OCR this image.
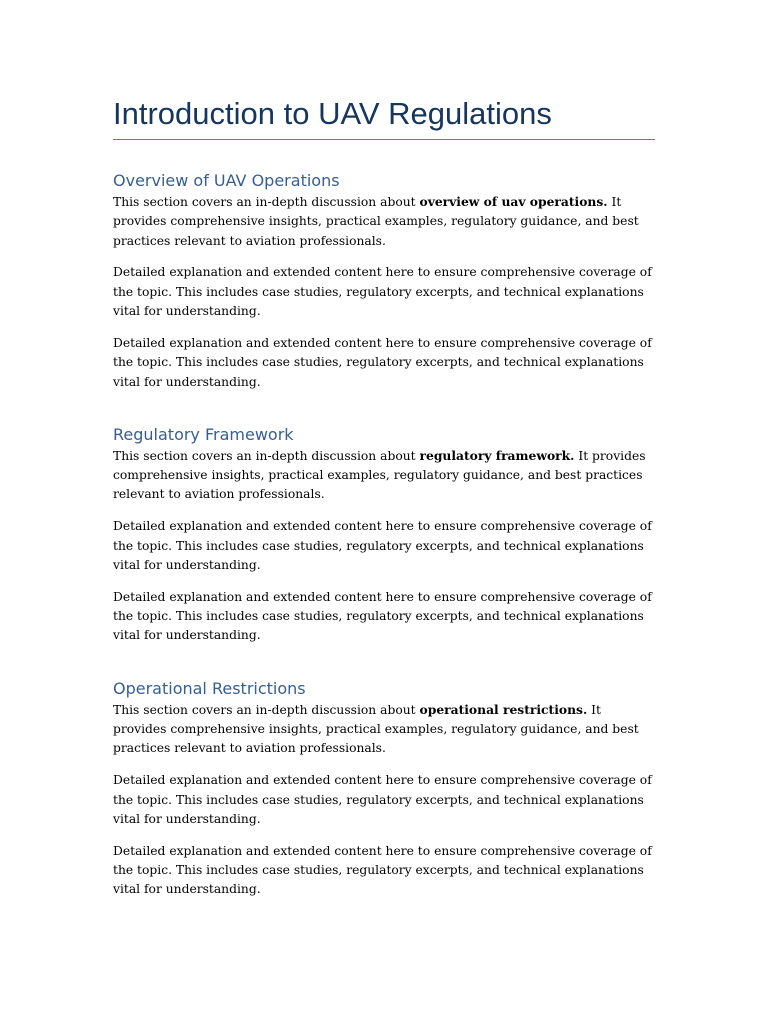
Introduction to UAV Regulations
Overview of UAV Operations

This section covers an in-depth discussion about overview of uav operations. It provides comprehensive insights, practical examples, regulatory guidance, and best practices relevant to aviation professionals.

Detailed explanation and extended content here to ensure comprehensive coverage of the topic. This includes case studies, regulatory excerpts, and technical explanations vital for understanding.

Detailed explanation and extended content here to ensure comprehensive coverage of the topic. This includes case studies, regulatory excerpts, and technical explanations vital for understanding.

Regulatory Framework

This section covers an in-depth discussion about regulatory framework. It provides comprehensive insights, practical examples, regulatory guidance, and best practices relevant to aviation professionals.

Detailed explanation and extended content here to ensure comprehensive coverage of the topic. This includes case studies, regulatory excerpts, and technical explanations vital for understanding.

Detailed explanation and extended content here to ensure comprehensive coverage of the topic. This includes case studies, regulatory excerpts, and technical explanations vital for understanding.

Operational Restrictions

This section covers an in-depth discussion about operational restrictions. It provides comprehensive insights, practical examples, regulatory guidance, and best practices relevant to aviation professionals.

Detailed explanation and extended content here to ensure comprehensive coverage of the topic. This includes case studies, regulatory excerpts, and technical explanations vital for understanding.

Detailed explanation and extended content here to ensure comprehensive coverage of the topic. This includes case studies, regulatory excerpts, and technical explanations vital for understanding.
